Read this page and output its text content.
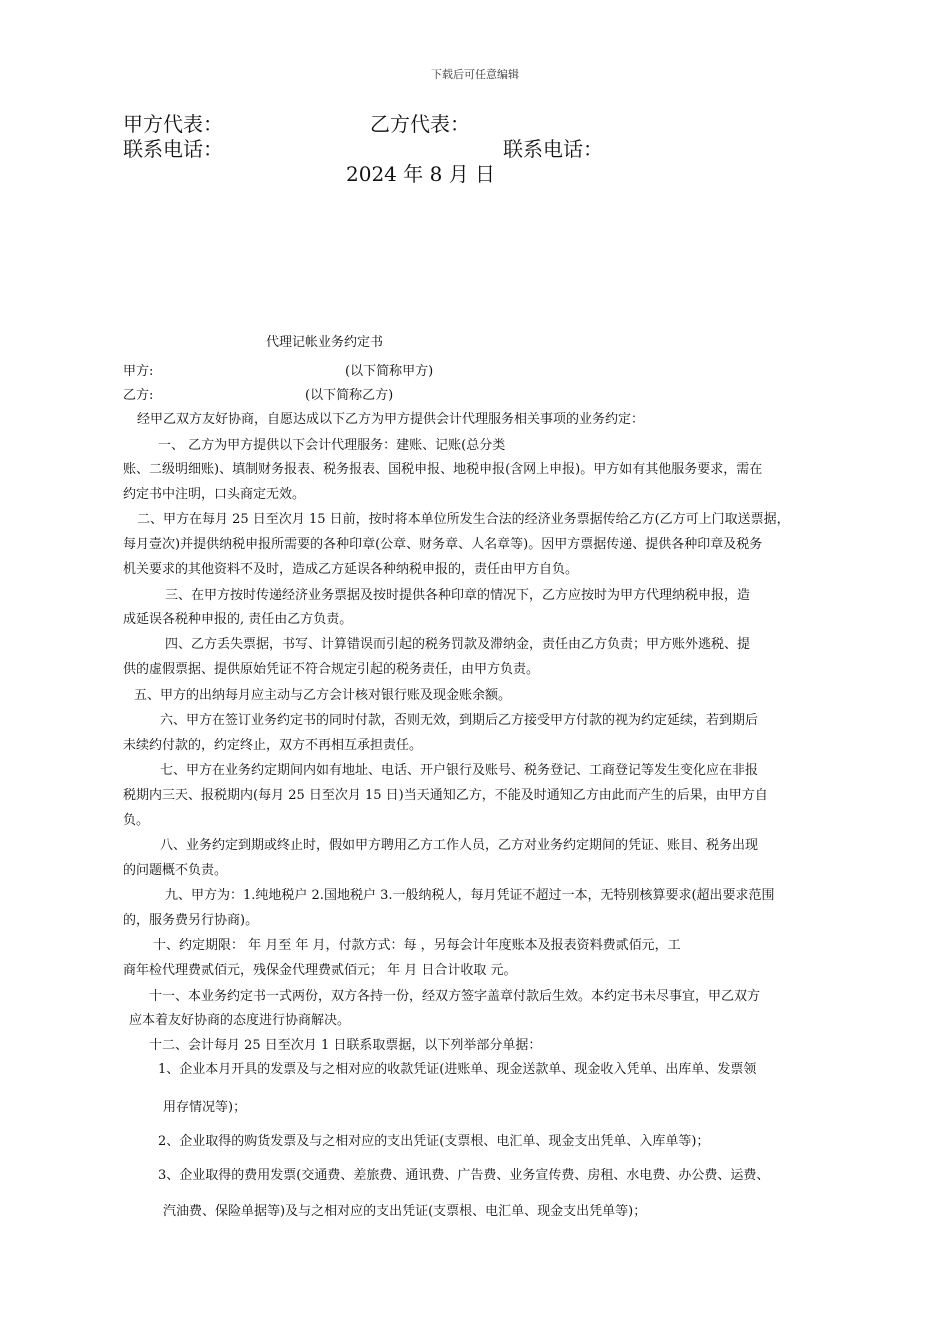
下载后可任意编辑
甲方代表：	乙方代表：
联系电话：	联系电话：
2024 年 8 月 日
代理记帐业务约定书
甲方:	(以下简称甲方)
乙方:	(以下简称乙方)
经甲乙双方友好协商，自愿达成以下乙方为甲方提供会计代理服务相关事项的业务约定：
一、 乙方为甲方提供以下会计代理服务：建账、记账(总分类
账、二级明细账)、填制财务报表、税务报表、国税申报、地税申报(含网上申报)。甲方如有其他服务要求，需在
约定书中注明，口头商定无效。
二、甲方在每月 25 日至次月 15 日前，按时将本单位所发生合法的经济业务票据传给乙方(乙方可上门取送票据，
每月壹次)并提供纳税申报所需要的各种印章(公章、财务章、人名章等)。因甲方票据传递、提供各种印章及税务
机关要求的其他资料不及时，造成乙方延误各种纳税申报的，责任由甲方自负。
三、在甲方按时传递经济业务票据及按时提供各种印章的情况下，乙方应按时为甲方代理纳税申报，造
成延误各税种申报的, 责任由乙方负责。
四、乙方丢失票据，书写、计算错误而引起的税务罚款及滞纳金，责任由乙方负责；甲方账外逃税、提
供的虚假票据、提供原始凭证不符合规定引起的税务责任，由甲方负责。
五、甲方的出纳每月应主动与乙方会计核对银行账及现金账余额。
六、甲方在签订业务约定书的同时付款，否则无效，到期后乙方接受甲方付款的视为约定延续，若到期后
未续约付款的，约定终止，双方不再相互承担责任。
七、甲方在业务约定期间内如有地址、电话、开户银行及账号、税务登记、工商登记等发生变化应在非报
税期内三天、报税期内(每月 25 日至次月 15 日)当天通知乙方，不能及时通知乙方由此而产生的后果，由甲方自
负。
八、业务约定到期或终止时，假如甲方聘用乙方工作人员，乙方对业务约定期间的凭证、账目、税务出现
的问题概不负责。
九、甲方为：1.纯地税户 2.国地税户 3.一般纳税人，每月凭证不超过一本，无特别核算要求(超出要求范围
的，服务费另行协商)。
十、约定期限： 年 月至 年 月，付款方式：每 ，另每会计年度账本及报表资料费贰佰元，工
商年检代理费贰佰元，残保金代理费贰佰元； 年 月 日合计收取 元。
十一、本业务约定书一式两份，双方各持一份，经双方签字盖章付款后生效。本约定书未尽事宜，甲乙双方
应本着友好协商的态度进行协商解决。
十二、会计每月 25 日至次月 1 日联系取票据，以下列举部分单据：
1、企业本月开具的发票及与之相对应的收款凭证(进账单、现金送款单、现金收入凭单、出库单、发票领
用存情况等)；
2、企业取得的购货发票及与之相对应的支出凭证(支票根、电汇单、现金支出凭单、入库单等)；
3、企业取得的费用发票(交通费、差旅费、通讯费、广告费、业务宣传费、房租、水电费、办公费、运费、
汽油费、保险单据等)及与之相对应的支出凭证(支票根、电汇单、现金支出凭单等)；
